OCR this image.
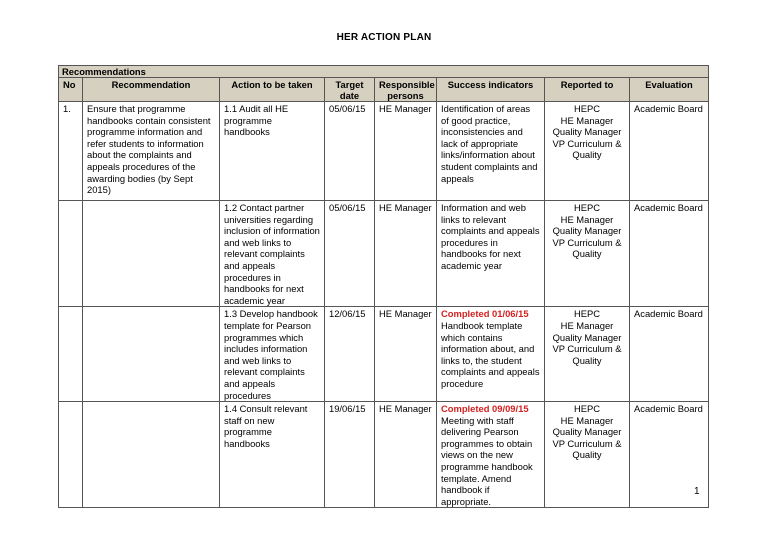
HER ACTION PLAN
Recommendations							
No	Recommendation	Action to be taken	Target date	Responsible persons	Success indicators	Reported to	Evaluation
1.	Ensure that programme handbooks contain consistent programme information and refer students to information about the complaints and appeals procedures of the awarding bodies (by Sept 2015)	1.1 Audit all HE programme handbooks	05/06/15	HE Manager	Identification of areas of good practice, inconsistencies and lack of appropriate links/information about student complaints and appeals	HEPC
HE Manager
Quality Manager
VP Curriculum & Quality	Academic Board
		1.2 Contact partner universities regarding inclusion of information and web links to relevant complaints and appeals procedures in handbooks for next academic year	05/06/15	HE Manager	Information and web links to relevant complaints and appeals procedures in handbooks for next academic year	HEPC
HE Manager
Quality Manager
VP Curriculum & Quality	Academic Board
		1.3 Develop handbook template for Pearson programmes which includes information and web links to relevant complaints and appeals procedures	12/06/15	HE Manager	Completed 01/06/15
Handbook template which contains information about, and links to, the student complaints and appeals procedure	HEPC
HE Manager
Quality Manager
VP Curriculum & Quality	Academic Board
		1.4 Consult relevant staff on new programme handbooks	19/06/15	HE Manager	Completed 09/09/15
Meeting with staff delivering Pearson programmes to obtain views on the new programme handbook template. Amend handbook if appropriate.	HEPC
HE Manager
Quality Manager
VP Curriculum & Quality	Academic Board
1
